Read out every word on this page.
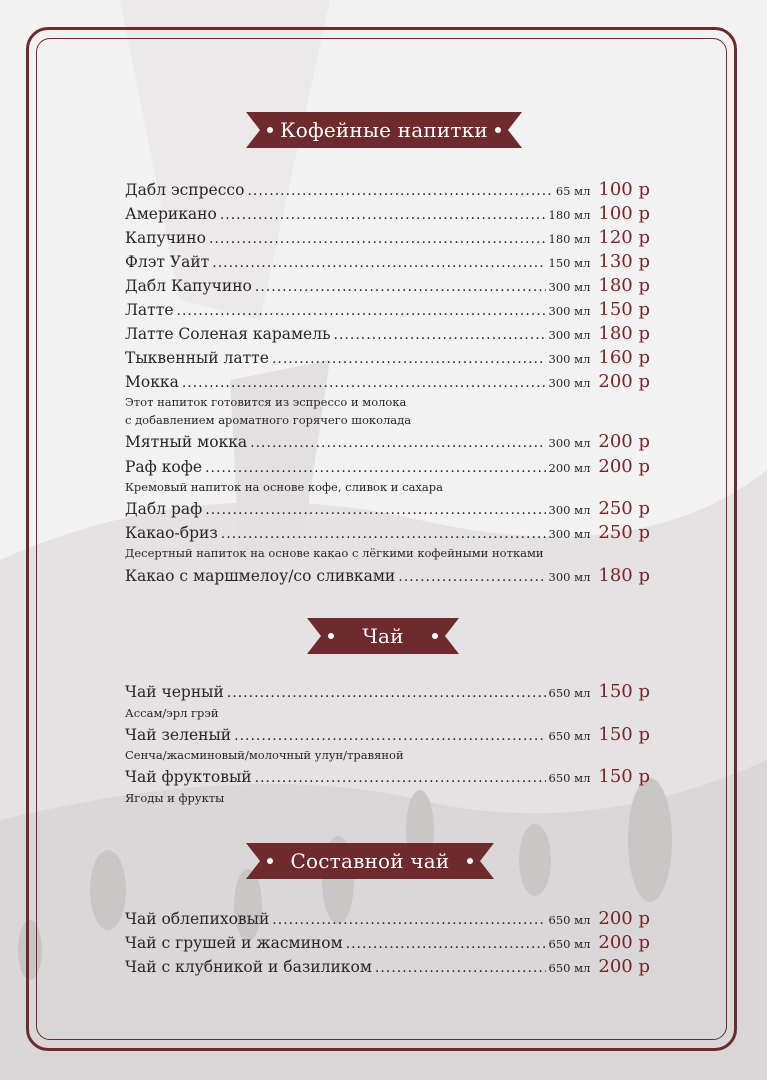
Кофейные напитки
Дабл эспрессо .....	65 мл 100 р
Американо .....	180 мл 100 р
Капучино .....	180 мл 120 р
Флэт Уайт .....	150 мл 130 р
Дабл Капучино .....	300 мл 180 р
Латте .....	300 мл 150 р
Латте Соленая карамель .....	300 мл 180 р
Тыквенный латте .....	300 мл 160 р
Мокка .....	300 мл 200 р
Этот напиток готовится из эспрессо и молока
с добавлением ароматного горячего шоколада
Мятный мокка .....	300 мл 200 р
Раф кофе .....	200 мл 200 р
Кремовый напиток на основе кофе, сливок и сахара
Дабл раф .....	300 мл 250 р
Какао-бриз .....	300 мл 250 р
Десертный напиток на основе какао с лёгкими кофейными нотками
Какао с маршмелоу/со сливками .....	300 мл 180 р
Чай
Чай черный .....	650 мл 150 р
Ассам/эрл грэй
Чай зеленый .....	650 мл 150 р
Сенча/жасминовый/молочный улун/травяной
Чай фруктовый .....	650 мл 150 р
Ягоды и фрукты
Составной чай
Чай облепиховый .....	650 мл 200 р
Чай с грушей и жасмином .....	650 мл 200 р
Чай с клубникой и базиликом .....	650 мл 200 р
